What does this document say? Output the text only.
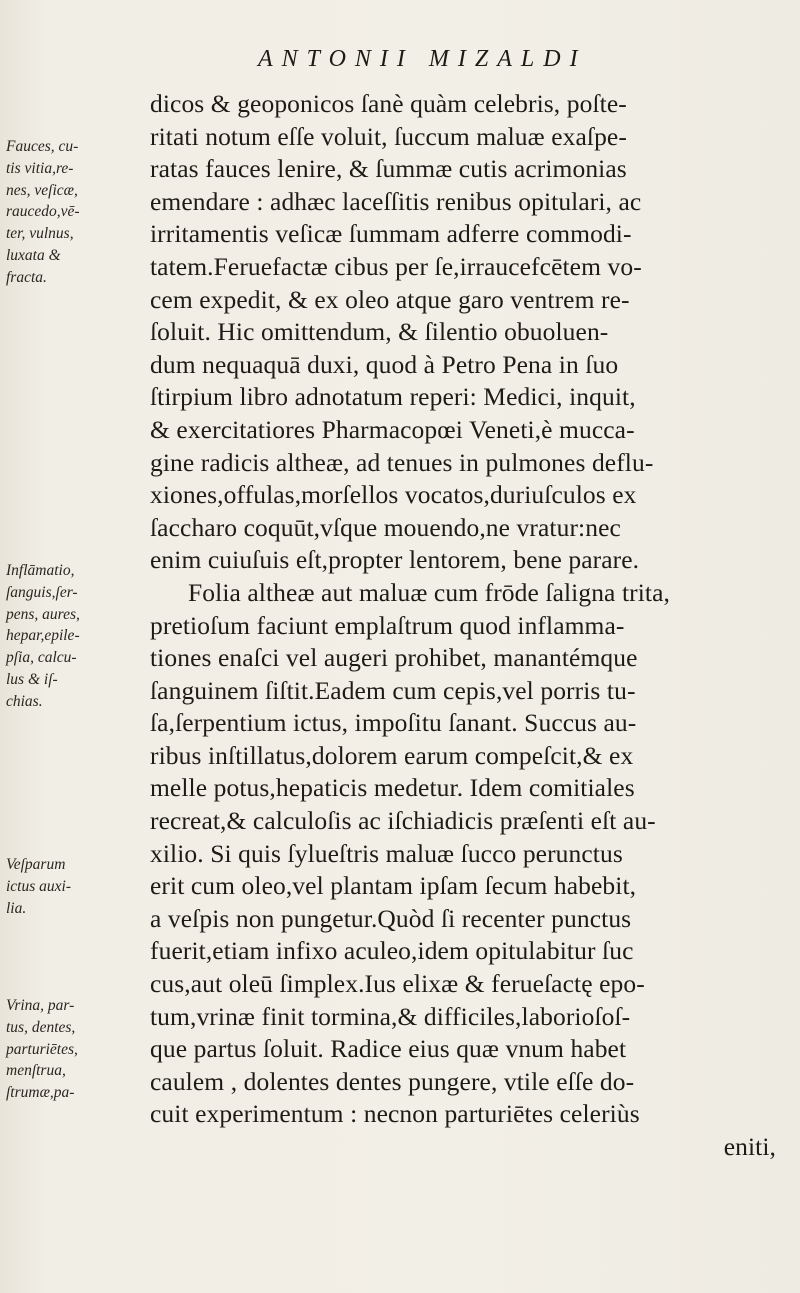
ANTONII MIZALDI
dicos & geoponicos ſanè quàm celebris, poſte-
ritati notum eſſe voluit, ſuccum maluæ exaſpe-
ratas fauces lenire, & ſummæ cutis acrimonias
emendare : adhæc laceſſitis renibus opitulari, ac
irritamentis veſicæ ſummam adferre commodi-
tatem.Feruefactæ cibus per ſe,irraucefcētem vo-
cem expedit, & ex oleo atque garo ventrem re-
ſoluit. Hic omittendum, & ſilentio obuoluen-
dum nequaquā duxi, quod à Petro Pena in ſuo
ſtirpium libro adnotatum reperi: Medici, inquit,
& exercitatiores Pharmacopœi Veneti,è mucca-
gine radicis altheæ, ad tenues in pulmones deflu-
xiones,offulas,morſellos vocatos,duriuſculos ex
ſaccharo coquūt,vſque mouendo,ne vratur:nec
enim cuiuſuis eſt,propter lentorem, bene parare.
Folia altheæ aut maluæ cum frōde ſaligna trita,
pretioſum faciunt emplaſtrum quod inflamma-
tiones enaſci vel augeri prohibet, manantémque
ſanguinem ſiſtit.Eadem cum cepis,vel porris tu-
ſa,ſerpentium ictus, impoſitu ſanant. Succus au-
ribus inſtillatus,dolorem earum compeſcit,& ex
melle potus,hepaticis medetur. Idem comitiales
recreat,& calculoſis ac iſchiadicis præſenti eſt au-
xilio. Si quis ſylueſtris maluæ ſucco perunctus
erit cum oleo,vel plantam ipſam ſecum habebit,
a veſpis non pungetur.Quòd ſi recenter punctus
fuerit,etiam infixo aculeo,idem opitulabitur ſuc
cus,aut oleū ſimplex.Ius elixæ & ferueſactę epo-
tum,vrinæ finit tormina,& difficiles,laborioſoſ-
que partus ſoluit. Radice eius quæ vnum habet
caulem , dolentes dentes pungere, vtile eſſe do-
cuit experimentum : necnon parturiētes celeriùs
eniti,
Fauces, cu-
tis vitia,re-
nes, veſicæ,
raucedo,vē-
ter, vulnus,
luxata &
fracta.
Inflāmatio,
ſanguis,ſer-
pens, aures,
hepar,epile-
pſia, calcu-
lus & iſ-
chias.
Veſparum
ictus auxi-
lia.
Vrina, par-
tus, dentes,
parturiētes,
menſtrua,
ſtrumæ,pa-
